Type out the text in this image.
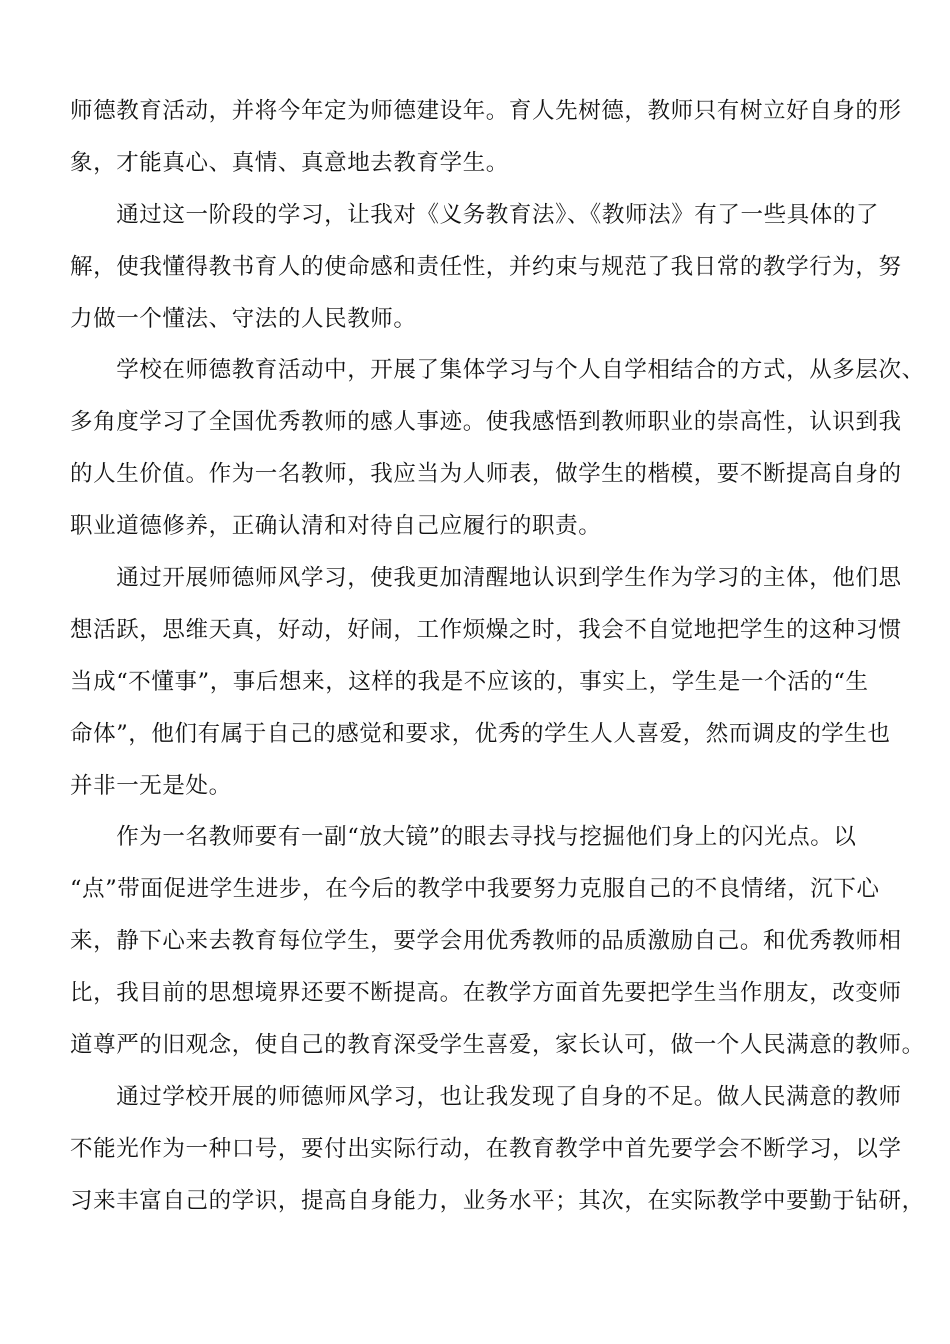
师德教育活动，并将今年定为师德建设年。育人先树德，教师只有树立好自身的形
象，才能真心、真情、真意地去教育学生。
　　通过这一阶段的学习，让我对《义务教育法》、《教师法》有了一些具体的了
解，使我懂得教书育人的使命感和责任性，并约束与规范了我日常的教学行为，努
力做一个懂法、守法的人民教师。
　　学校在师德教育活动中，开展了集体学习与个人自学相结合的方式，从多层次、
多角度学习了全国优秀教师的感人事迹。使我感悟到教师职业的崇高性，认识到我
的人生价值。作为一名教师，我应当为人师表，做学生的楷模，要不断提高自身的
职业道德修养，正确认清和对待自己应履行的职责。
　　通过开展师德师风学习，使我更加清醒地认识到学生作为学习的主体，他们思
想活跃，思维天真，好动，好闹，工作烦燥之时，我会不自觉地把学生的这种习惯
当成“不懂事”，事后想来，这样的我是不应该的，事实上，学生是一个活的“生
命体”，他们有属于自己的感觉和要求，优秀的学生人人喜爱，然而调皮的学生也
并非一无是处。
　　作为一名教师要有一副“放大镜”的眼去寻找与挖掘他们身上的闪光点。以
“点”带面促进学生进步，在今后的教学中我要努力克服自己的不良情绪，沉下心
来，静下心来去教育每位学生，要学会用优秀教师的品质激励自己。和优秀教师相
比，我目前的思想境界还要不断提高。在教学方面首先要把学生当作朋友，改变师
道尊严的旧观念，使自己的教育深受学生喜爱，家长认可，做一个人民满意的教师。
　　通过学校开展的师德师风学习，也让我发现了自身的不足。做人民满意的教师
不能光作为一种口号，要付出实际行动，在教育教学中首先要学会不断学习，以学
习来丰富自己的学识，提高自身能力，业务水平；其次，在实际教学中要勤于钻研，
